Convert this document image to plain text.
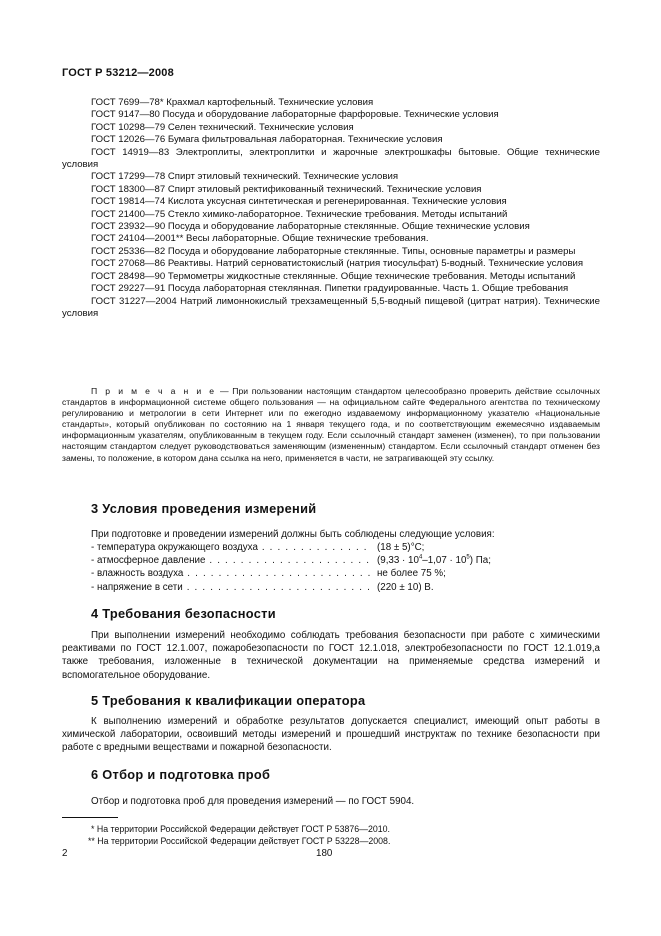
ГОСТ Р 53212—2008
ГОСТ 7699—78* Крахмал картофельный. Технические условия
ГОСТ 9147—80 Посуда и оборудование лабораторные фарфоровые. Технические условия
ГОСТ 10298—79 Селен технический. Технические условия
ГОСТ 12026—76 Бумага фильтровальная лабораторная. Технические условия
ГОСТ 14919—83 Электроплиты, электроплитки и жарочные электрошкафы бытовые. Общие технические условия
ГОСТ 17299—78 Спирт этиловый технический. Технические условия
ГОСТ 18300—87 Спирт этиловый ректификованный технический. Технические условия
ГОСТ 19814—74 Кислота уксусная синтетическая и регенерированная. Технические условия
ГОСТ 21400—75 Стекло химико-лабораторное. Технические требования. Методы испытаний
ГОСТ 23932—90 Посуда и оборудование лабораторные стеклянные. Общие технические условия
ГОСТ 24104—2001** Весы лабораторные. Общие технические требования.
ГОСТ 25336—82 Посуда и оборудование лабораторные стеклянные. Типы, основные параметры и размеры
ГОСТ 27068—86 Реактивы. Натрий серноватистокислый (натрия тиосульфат) 5-водный. Технические условия
ГОСТ 28498—90 Термометры жидкостные стеклянные. Общие технические требования. Методы испытаний
ГОСТ 29227—91 Посуда лабораторная стеклянная. Пипетки градуированные. Часть 1. Общие требования
ГОСТ 31227—2004 Натрий лимоннокислый трехзамещенный 5,5-водный пищевой (цитрат натрия). Технические условия
П р и м е ч а н и е — При пользовании настоящим стандартом целесообразно проверить действие ссылочных стандартов в информационной системе общего пользования — на официальном сайте Федерального агентства по техническому регулированию и метрологии в сети Интернет или по ежегодно издаваемому информационному указателю «Национальные стандарты», который опубликован по состоянию на 1 января текущего года, и по соответствующим ежемесячно издаваемым информационным указателям, опубликованным в текущем году. Если ссылочный стандарт заменен (изменен), то при пользовании настоящим стандартом следует руководствоваться заменяющим (измененным) стандартом. Если ссылочный стандарт отменен без замены, то положение, в котором дана ссылка на него, применяется в части, не затрагивающей эту ссылку.
3 Условия проведения измерений
При подготовке и проведении измерений должны быть соблюдены следующие условия:
- температура окружающего воздуха . . .	(18 ± 5)°С;
- атмосферное давление . . .	$(9,33 \cdot 10^4-1,07 \cdot 10^5)$ Па;
- влажность воздуха . . .	не более 75 %;
- напряжение в сети . . .	(220 ± 10) В.
4 Требования безопасности
При выполнении измерений необходимо соблюдать требования безопасности при работе с химическими реактивами по ГОСТ 12.1.007, пожаробезопасности по ГОСТ 12.1.018, электробезопасности по ГОСТ 12.1.019,а также требования, изложенные в технической документации на применяемые средства измерений и вспомогательное оборудование.
5 Требования к квалификации оператора
К выполнению измерений и обработке результатов допускается специалист, имеющий опыт работы в химической лаборатории, освоивший методы измерений и прошедший инструктаж по технике безопасности при работе с вредными веществами и пожарной безопасности.
6 Отбор и подготовка проб
Отбор и подготовка проб для проведения измерений — по ГОСТ 5904.
* На территории Российской Федерации действует ГОСТ Р 53876—2010.
** На территории Российской Федерации действует ГОСТ Р 53228—2008.
2	180
